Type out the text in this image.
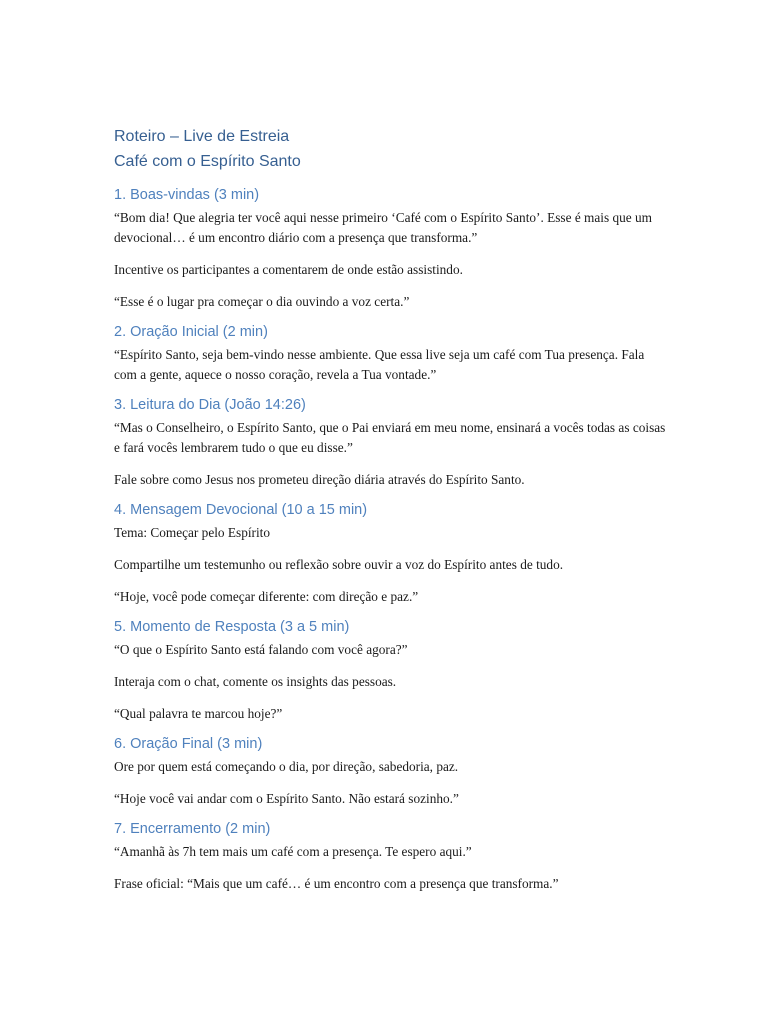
Roteiro – Live de Estreia
Café com o Espírito Santo
1. Boas-vindas (3 min)

“Bom dia! Que alegria ter você aqui nesse primeiro ‘Café com o Espírito Santo’. Esse é mais que um devocional… é um encontro diário com a presença que transforma.”

Incentive os participantes a comentarem de onde estão assistindo.

“Esse é o lugar pra começar o dia ouvindo a voz certa.”

2. Oração Inicial (2 min)

“Espírito Santo, seja bem-vindo nesse ambiente. Que essa live seja um café com Tua presença. Fala com a gente, aquece o nosso coração, revela a Tua vontade.”

3. Leitura do Dia (João 14:26)

“Mas o Conselheiro, o Espírito Santo, que o Pai enviará em meu nome, ensinará a vocês todas as coisas e fará vocês lembrarem tudo o que eu disse.”

Fale sobre como Jesus nos prometeu direção diária através do Espírito Santo.

4. Mensagem Devocional (10 a 15 min)

Tema: Começar pelo Espírito

Compartilhe um testemunho ou reflexão sobre ouvir a voz do Espírito antes de tudo.

“Hoje, você pode começar diferente: com direção e paz.”

5. Momento de Resposta (3 a 5 min)

“O que o Espírito Santo está falando com você agora?”

Interaja com o chat, comente os insights das pessoas.

“Qual palavra te marcou hoje?”

6. Oração Final (3 min)

Ore por quem está começando o dia, por direção, sabedoria, paz.

“Hoje você vai andar com o Espírito Santo. Não estará sozinho.”

7. Encerramento (2 min)

“Amanhã às 7h tem mais um café com a presença. Te espero aqui.”

Frase oficial: “Mais que um café… é um encontro com a presença que transforma.”
